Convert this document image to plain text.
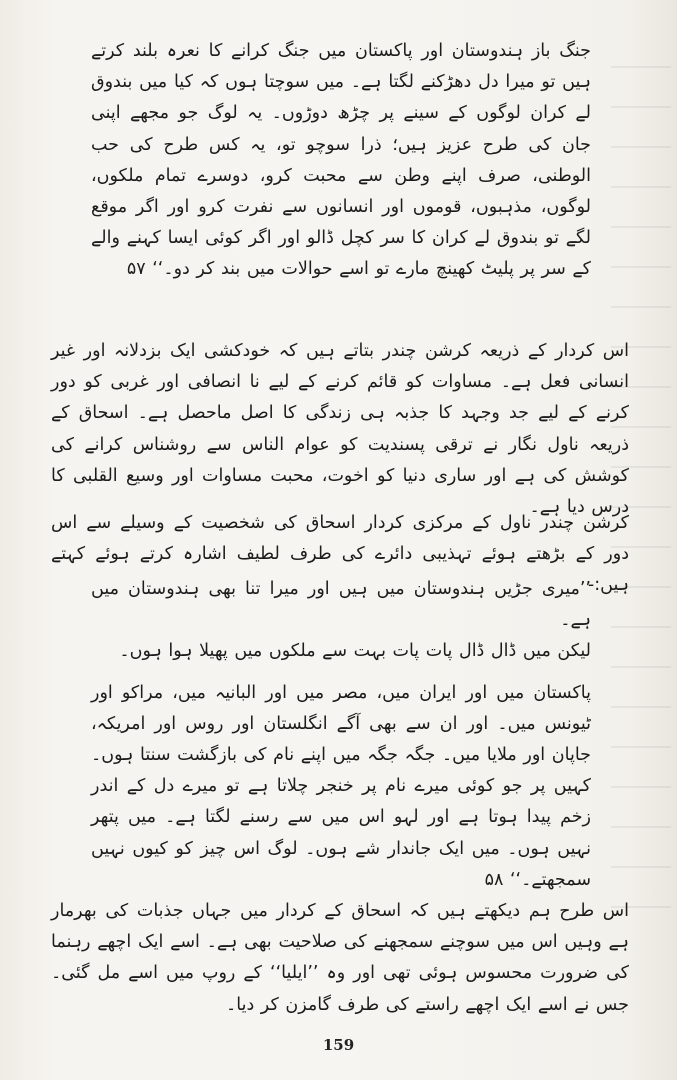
جنگ باز ہندوستان اور پاکستان میں جنگ کرانے کا نعرہ بلند کرتے ہیں تو میرا دل دھڑکنے لگتا ہے۔ میں سوچتا ہوں کہ کیا میں بندوق لے کران لوگوں کے سینے پر چڑھ دوڑوں۔ یہ لوگ جو مجھے اپنی جان کی طرح عزیز ہیں؛ ذرا سوچو تو، یہ کس طرح کی حب الوطنی، صرف اپنے وطن سے محبت کرو، دوسرے تمام ملکوں، لوگوں، مذہبوں، قوموں اور انسانوں سے نفرت کرو اور اگر موقع لگے تو بندوق لے کران کا سر کچل ڈالو اور اگر کوئی ایسا کہنے والے کے سر پر پلیٹ کھینچ مارے تو اسے حوالات میں بند کر دو۔‘‘ ۵۷

اس کردار کے ذریعہ کرشن چندر بتاتے ہیں کہ خودکشی ایک بزدلانہ اور غیر انسانی فعل ہے۔ مساوات کو قائم کرنے کے لیے نا انصافی اور غربی کو دور کرنے کے لیے جد وجہد کا جذبہ ہی زندگی کا اصل ماحصل ہے۔ اسحاق کے ذریعہ ناول نگار نے ترقی پسندیت کو عوام الناس سے روشناس کرانے کی کوشش کی ہے اور ساری دنیا کو اخوت، محبت مساوات اور وسیع القلبی کا درس دیا ہے۔

کرشن چندر ناول کے مرکزی کردار اسحاق کی شخصیت کے وسیلے سے اس دور کے بڑھتے ہوئے تہذیبی دائرے کی طرف لطیف اشارہ کرتے ہوئے کہتے ہیں:-

’’میری جڑیں ہندوستان میں ہیں اور میرا تنا بھی ہندوستان میں ہے۔
لیکن میں ڈال ڈال پات پات بہت سے ملکوں میں پھیلا ہوا ہوں۔

پاکستان میں اور ایران میں، مصر میں اور البانیہ میں، مراکو اور ٹیونس میں۔ اور ان سے بھی آگے انگلستان اور روس اور امریکہ، جاپان اور ملایا میں۔ جگہ جگہ میں اپنے نام کی بازگشت سنتا ہوں۔ کہیں پر جو کوئی میرے نام پر خنجر چلاتا ہے تو میرے دل کے اندر زخم پیدا ہوتا ہے اور لہو اس میں سے رسنے لگتا ہے۔ میں پتھر نہیں ہوں۔ میں ایک جاندار شے ہوں۔ لوگ اس چیز کو کیوں نہیں سمجھتے۔‘‘ ۵۸

اس طرح ہم دیکھتے ہیں کہ اسحاق کے کردار میں جہاں جذبات کی بھرمار ہے وہیں اس میں سوچنے سمجھنے کی صلاحیت بھی ہے۔ اسے ایک اچھے رہنما کی ضرورت محسوس ہوئی تھی اور وہ ’’ایلیا‘‘ کے روپ میں اسے مل گئی۔ جس نے اسے ایک اچھے راستے کی طرف گامزن کر دیا۔

159
